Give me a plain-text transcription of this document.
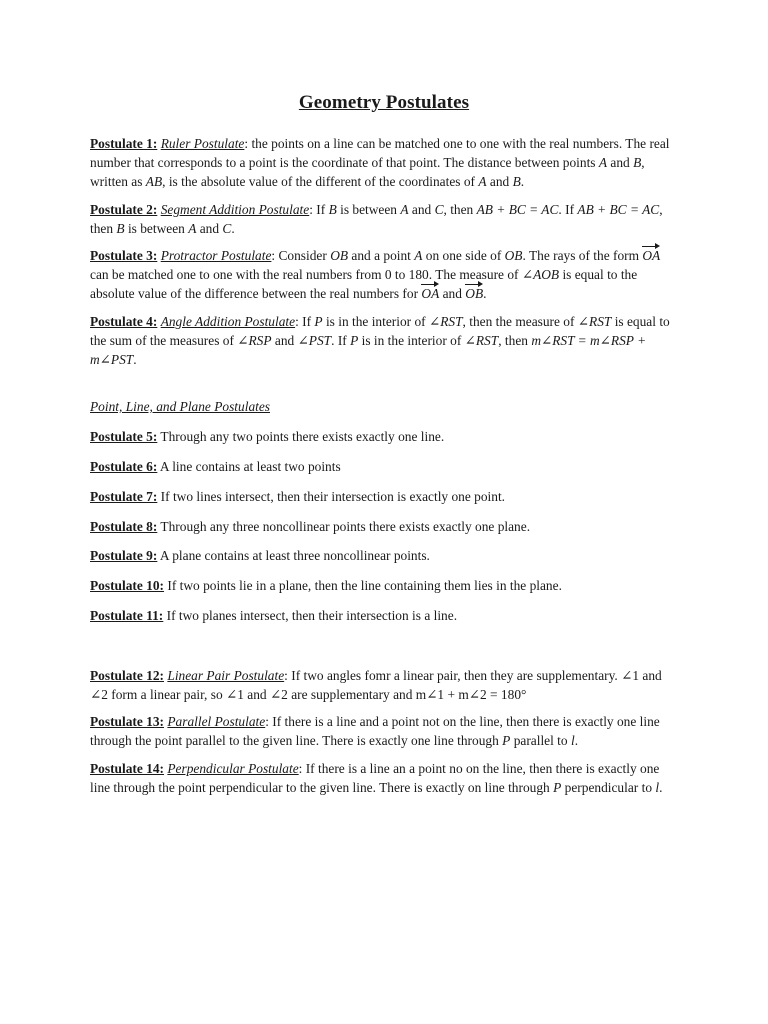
Geometry Postulates

Postulate 1: Ruler Postulate: the points on a line can be matched one to one with the real numbers. The real number that corresponds to a point is the coordinate of that point. The distance between points A and B, written as AB, is the absolute value of the different of the coordinates of A and B.

Postulate 2: Segment Addition Postulate: If B is between A and C, then AB + BC = AC. If AB + BC = AC, then B is between A and C.

Postulate 3: Protractor Postulate: Consider OB and a point A on one side of OB. The rays of the form OA can be matched one to one with the real numbers from 0 to 180. The measure of ∠AOB is equal to the absolute value of the difference between the real numbers for OA and OB.

Postulate 4: Angle Addition Postulate: If P is in the interior of ∠RST, then the measure of ∠RST is equal to the sum of the measures of ∠RSP and ∠PST. If P is in the interior of ∠RST, then m∠RST = m∠RSP + m∠PST.

Point, Line, and Plane Postulates

Postulate 5: Through any two points there exists exactly one line.

Postulate 6: A line contains at least two points

Postulate 7: If two lines intersect, then their intersection is exactly one point.

Postulate 8: Through any three noncollinear points there exists exactly one plane.

Postulate 9: A plane contains at least three noncollinear points.

Postulate 10: If two points lie in a plane, then the line containing them lies in the plane.

Postulate 11: If two planes intersect, then their intersection is a line.

Postulate 12: Linear Pair Postulate: If two angles fomr a linear pair, then they are supplementary. ∠1 and ∠2 form a linear pair, so ∠1 and ∠2 are supplementary and m∠1 + m∠2 = 180°

Postulate 13: Parallel Postulate: If there is a line and a point not on the line, then there is exactly one line through the point parallel to the given line. There is exactly one line through P parallel to l.

Postulate 14: Perpendicular Postulate: If there is a line an a point no on the line, then there is exactly one line through the point perpendicular to the given line. There is exactly on line through P perpendicular to l.
